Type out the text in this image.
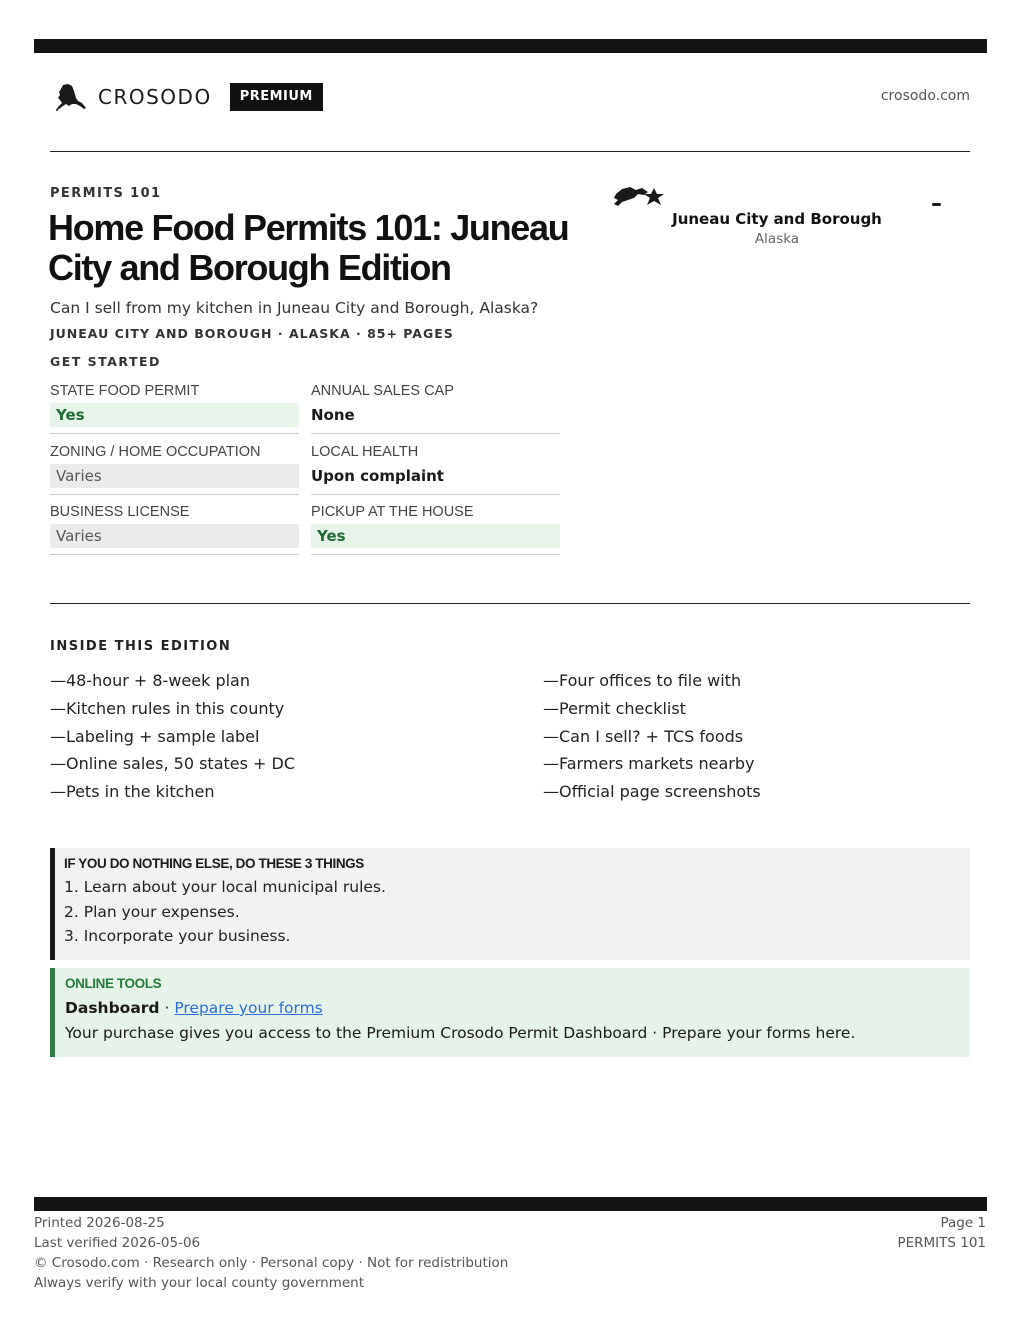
CROSODO	PREMIUM	crosodo.com
PERMITS 101
Home Food Permits 101: Juneau City and Borough Edition
Can I sell from my kitchen in Juneau City and Borough, Alaska?
JUNEAU CITY AND BOROUGH · ALASKA · 85+ PAGES
Juneau City and Borough
Alaska
GET STARTED
STATE FOOD PERMIT
Yes
ANNUAL SALES CAP
None
ZONING / HOME OCCUPATION
Varies
LOCAL HEALTH
Upon complaint
BUSINESS LICENSE
Varies
PICKUP AT THE HOUSE
Yes
INSIDE THIS EDITION
—48-hour + 8-week plan
—Kitchen rules in this county
—Labeling + sample label
—Online sales, 50 states + DC
—Pets in the kitchen
—Four offices to file with
—Permit checklist
—Can I sell? + TCS foods
—Farmers markets nearby
—Official page screenshots
IF YOU DO NOTHING ELSE, DO THESE 3 THINGS
1. Learn about your local municipal rules.
2. Plan your expenses.
3. Incorporate your business.
ONLINE TOOLS
Dashboard · Prepare your forms
Your purchase gives you access to the Premium Crosodo Permit Dashboard · Prepare your forms here.
Printed 2026-08-25
Last verified 2026-05-06
© Crosodo.com · Research only · Personal copy · Not for redistribution
Always verify with your local county government
Page 1
PERMITS 101
